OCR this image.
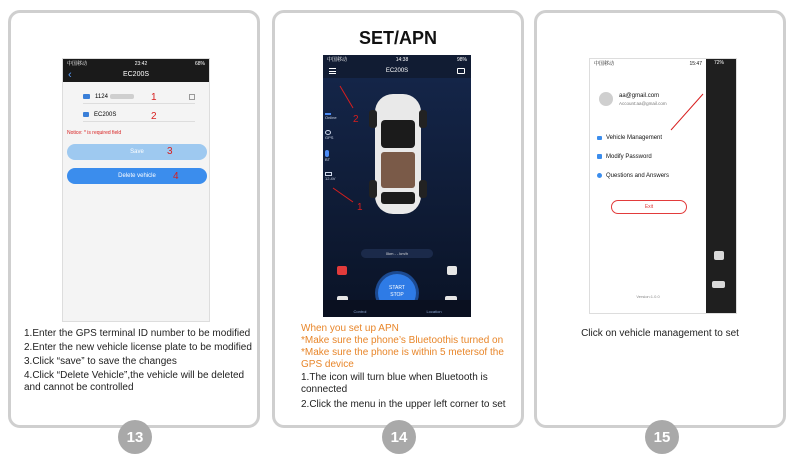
中国移动	23:42	68%
‹	EC200S
1124	1
EC200S	2
Notice: * is required field
Save	3
Delete vehicle	4
1.Enter the GPS terminal ID number to be modified
2.Enter the new vehicle license plate to be modified
3.Click “save” to save the changes
4.Click “Delete Vehicle”,the vehicle will be deleted and cannot be controlled
13
SET/APN
中国移动	14:38	98%
EC200S
Online
GPS
BT
12.4V
1
2
0km - - km/h
START
STOP
Control	Location
When you set up APN
*Make sure the phone’s Bluetoothis turned on
*Make sure the phone is within 5 metersof the GPS device
1.The icon will turn blue when Bluetooth is connected
2.Click the menu in the upper left corner to set
14
中国移动	15:47
aa@gmail.com
Account:aa@gmail.com
Vehicle Management
Modify Password
Questions and Answers
Exit
Version:1.0.0
72%
Click on vehicle management to set
15
